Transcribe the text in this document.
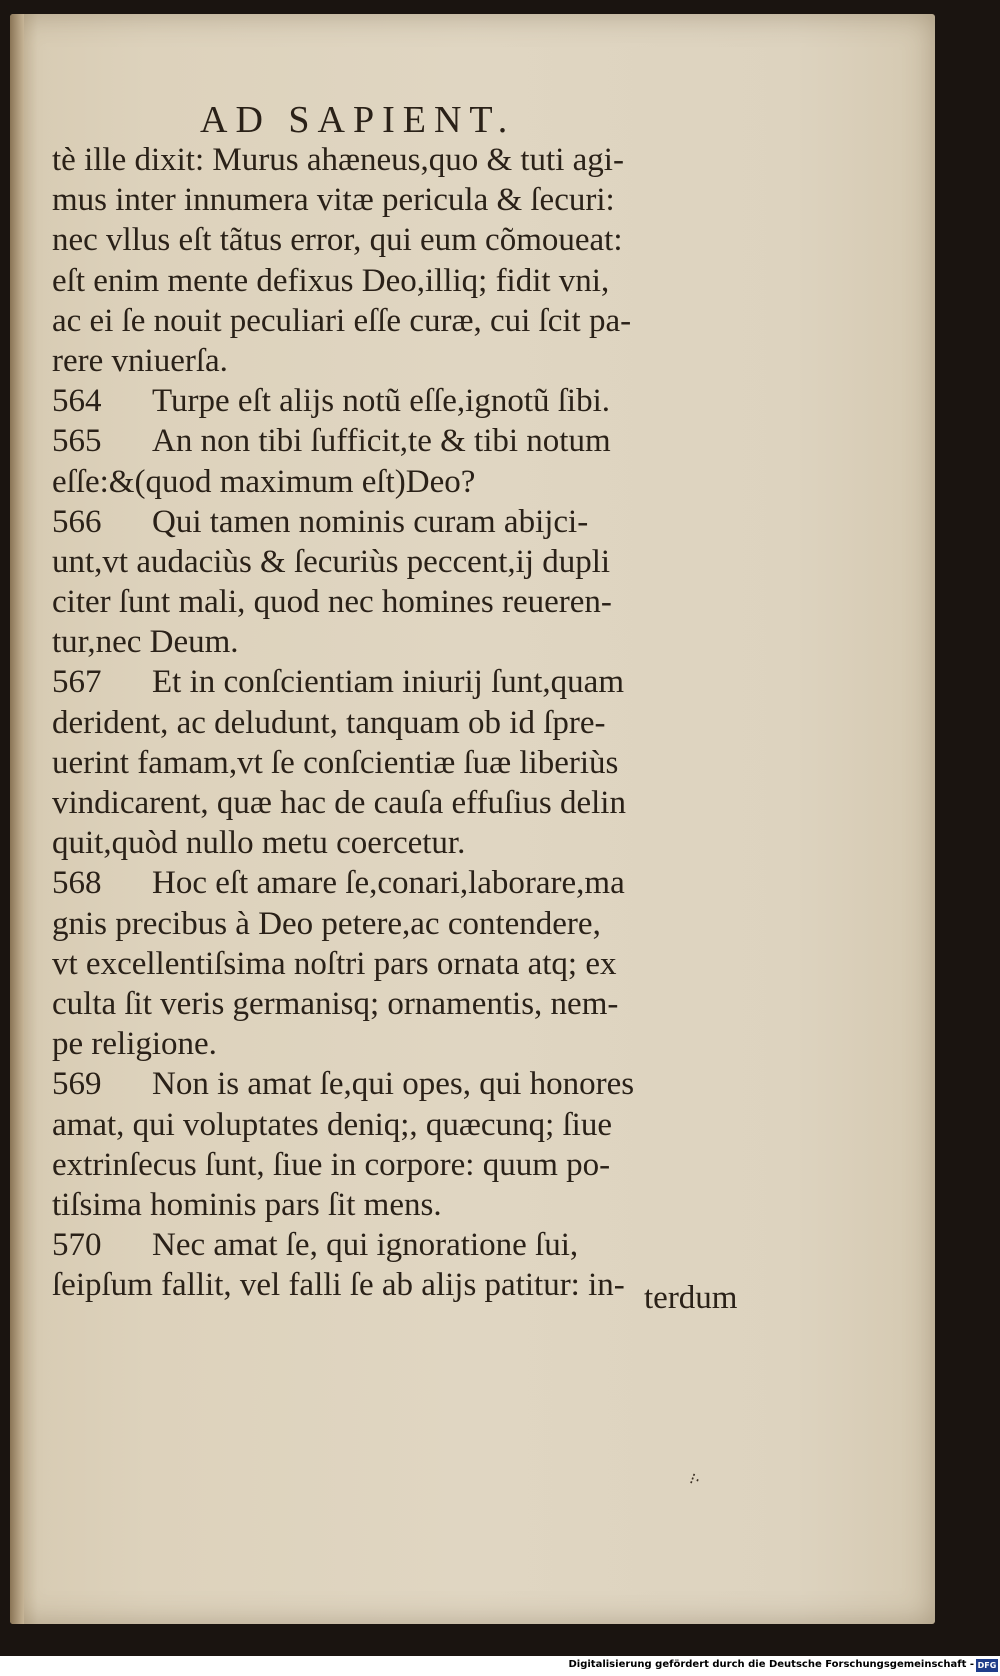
AD SAPIENT.
tè ille dixit: Murus ahæneus,quo & tuti agi-
mus inter innumera vitæ pericula & ſecuri:
nec vllus eſt tãtus error, qui eum cõmoueat:
eſt enim mente defixus Deo,illiq; fidit vni,
ac ei ſe nouit peculiari eſſe curæ, cui ſcit pa-
rere vniuerſa.
564 Turpe eſt alijs notũ eſſe,ignotũ ſibi.
565 An non tibi ſufficit,te & tibi notum
eſſe:&(quod maximum eſt)Deo?
566 Qui tamen nominis curam abijci-
unt,vt audaciùs & ſecuriùs peccent,ij dupli
citer ſunt mali, quod nec homines reueren-
tur,nec Deum.
567 Et in conſcientiam iniurij ſunt,quam
derident, ac deludunt, tanquam ob id ſpre-
uerint famam,vt ſe conſcientiæ ſuæ liberiùs
vindicarent, quæ hac de cauſa effuſius delin
quit,quòd nullo metu coercetur.
568 Hoc eſt amare ſe,conari,laborare,ma
gnis precibus à Deo petere,ac contendere,
vt excellentiſsima noſtri pars ornata atq; ex
culta ſit veris germanisq; ornamentis, nem-
pe religione.
569 Non is amat ſe,qui opes, qui honores
amat, qui voluptates deniq;, quæcunq; ſiue
extrinſecus ſunt, ſiue in corpore: quum po-
tiſsima hominis pars ſit mens.
570 Nec amat ſe, qui ignoratione ſui,
ſeipſum fallit, vel falli ſe ab alijs patitur: in- terdum
⁝·
Digitalisierung gefördert durch die Deutsche Forschungsgemeinschaft - DFG
